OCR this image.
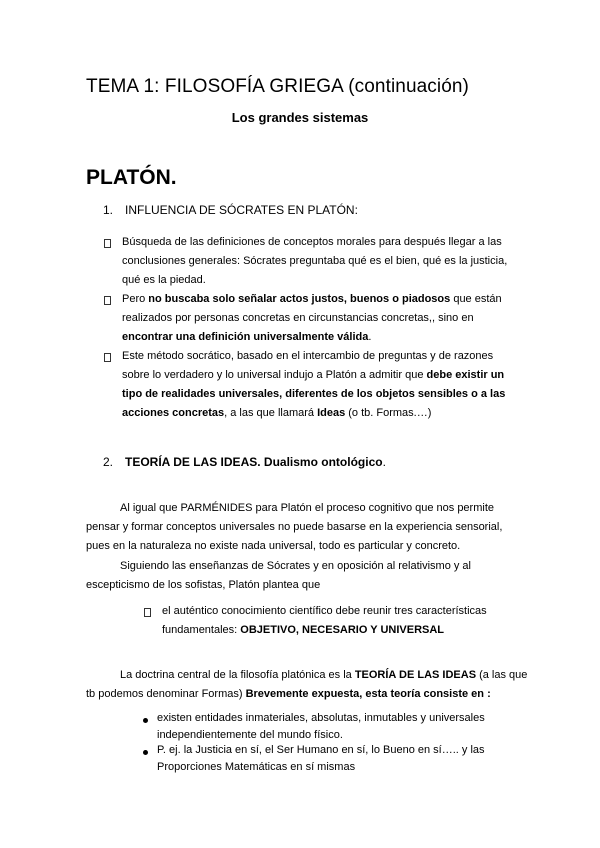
TEMA 1: FILOSOFÍA GRIEGA (continuación)
Los grandes sistemas
PLATÓN.
1. INFLUENCIA DE SÓCRATES EN PLATÓN:
Búsqueda de las definiciones de conceptos morales para después llegar a las
conclusiones generales: Sócrates preguntaba qué es el bien, qué es la justicia,
qué es la piedad.
Pero no buscaba solo señalar actos justos, buenos o piadosos que están
realizados por personas concretas en circunstancias concretas,, sino en
encontrar una definición universalmente válida.
Este método socrático, basado en el intercambio de preguntas y de razones
sobre lo verdadero y lo universal indujo a Platón a admitir que debe existir un
tipo de realidades universales, diferentes de los objetos sensibles o a las
acciones concretas, a las que llamará Ideas (o tb. Formas.…)
2. TEORÍA DE LAS IDEAS. Dualismo ontológico.
Al igual que PARMÉNIDES para Platón el proceso cognitivo que nos permite
pensar y formar conceptos universales no puede basarse en la experiencia sensorial,
pues en la naturaleza no existe nada universal, todo es particular y concreto.
Siguiendo las enseñanzas de Sócrates y en oposición al relativismo y al
escepticismo de los sofistas, Platón plantea que
el auténtico conocimiento científico debe reunir tres características
fundamentales: OBJETIVO, NECESARIO Y UNIVERSAL
La doctrina central de la filosofía platónica es la TEORÍA DE LAS IDEAS (a las que
tb podemos denominar Formas) Brevemente expuesta, esta teoría consiste en :
existen entidades inmateriales, absolutas, inmutables y universales
independientemente del mundo físico.
P. ej. la Justicia en sí, el Ser Humano en sí, lo Bueno en sí….. y las
Proporciones Matemáticas en sí mismas
